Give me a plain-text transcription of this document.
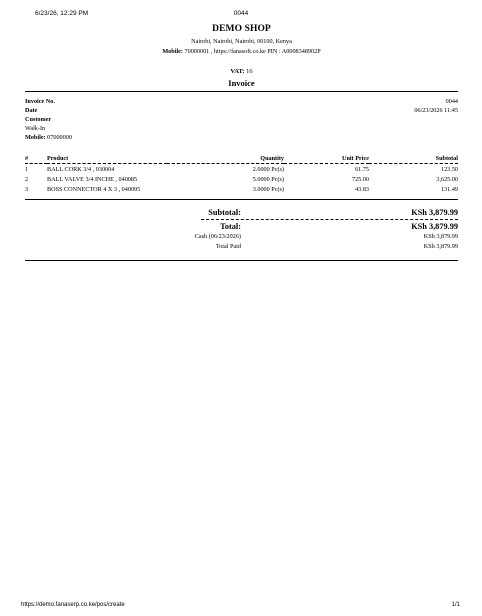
6/23/26, 12:29 PM	0044
DEMO SHOP
Nairobi, Nairobi, Nairobi, 00100, Kenya
Mobile: 70000001 , https://fanasoft.co.ke PIN : A0008348902P
VAT: 16
Invoice
Invoice No.	0044
Date	06/23/2026 11:45
Customer
Walk-In
Mobile: 07000000
#	Product	Quantity	Unit Price	Subtotal
1	BALL CORK 3/4 , 030004	2.0000 Pc(s)	61.75	123.50
2	BALL VALVE 3/4 INCHE , 040085	5.0000 Pc(s)	725.00	3,625.00
3	BOSS CONNECTOR 4 X 3 , 040095	3.0000 Pc(s)	43.83	131.49
Subtotal:	KSh 3,879.99
Total:	KSh 3,879.99
Cash (06/23/2026)	KSh 3,879.99
Total Paid	KSh 3,879.99
https://demo.fanaserp.co.ke/pos/create	1/1
